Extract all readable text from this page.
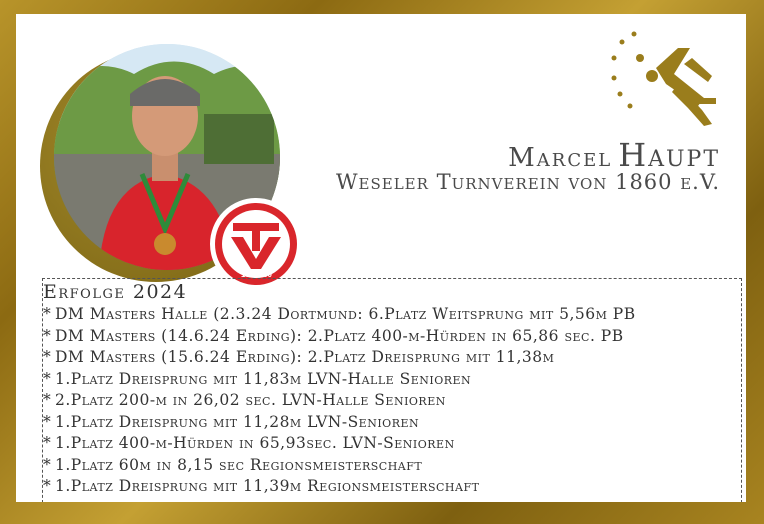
18 60
Marcel Haupt
Weseler Turnverein von 1860 e.V.
Erfolge 2024
* DM Masters Halle (2.3.24 Dortmund: 6.Platz Weitsprung mit 5,56m PB
* DM Masters (14.6.24 Erding): 2.Platz 400-m-Hürden in 65,86 sec. PB
* DM Masters (15.6.24 Erding): 2.Platz Dreisprung mit 11,38m
* 1.Platz Dreisprung mit 11,83m LVN-Halle Senioren
* 2.Platz 200-m in 26,02 sec. LVN-Halle Senioren
* 1.Platz Dreisprung mit 11,28m LVN-Senioren
* 1.Platz 400-m-Hürden in 65,93sec. LVN-Senioren
* 1.Platz 60m in 8,15 sec Regionsmeisterschaft
* 1.Platz Dreisprung mit 11,39m Regionsmeisterschaft
